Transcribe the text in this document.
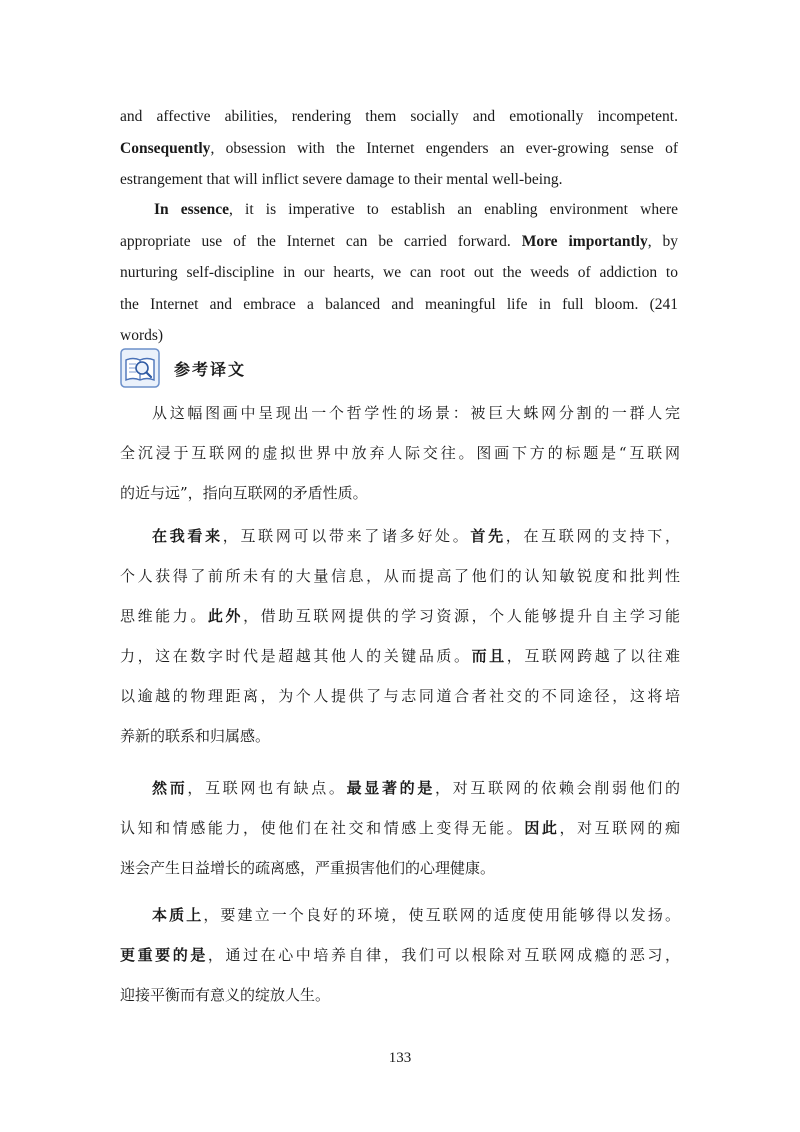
and affective abilities, rendering them socially and emotionally incompetent.
Consequently, obsession with the Internet engenders an ever-growing sense of
estrangement that will inflict severe damage to their mental well-being.

In essence, it is imperative to establish an enabling environment where
appropriate use of the Internet can be carried forward. More importantly, by
nurturing self-discipline in our hearts, we can root out the weeds of addiction to
the Internet and embrace a balanced and meaningful life in full bloom. (241
words)

参考译文

从这幅图画中呈现出一个哲学性的场景：被巨大蛛网分割的一群人完
全沉浸于互联网的虚拟世界中放弃人际交往。图画下方的标题是“互联网
的近与远”，指向互联网的矛盾性质。

在我看来，互联网可以带来了诸多好处。首先，在互联网的支持下，
个人获得了前所未有的大量信息，从而提高了他们的认知敏锐度和批判性
思维能力。此外，借助互联网提供的学习资源，个人能够提升自主学习能
力，这在数字时代是超越其他人的关键品质。而且，互联网跨越了以往难
以逾越的物理距离，为个人提供了与志同道合者社交的不同途径，这将培
养新的联系和归属感。

然而，互联网也有缺点。最显著的是，对互联网的依赖会削弱他们的
认知和情感能力，使他们在社交和情感上变得无能。因此，对互联网的痴
迷会产生日益增长的疏离感，严重损害他们的心理健康。

本质上，要建立一个良好的环境，使互联网的适度使用能够得以发扬。
更重要的是，通过在心中培养自律，我们可以根除对互联网成瘾的恶习，
迎接平衡而有意义的绽放人生。

133
